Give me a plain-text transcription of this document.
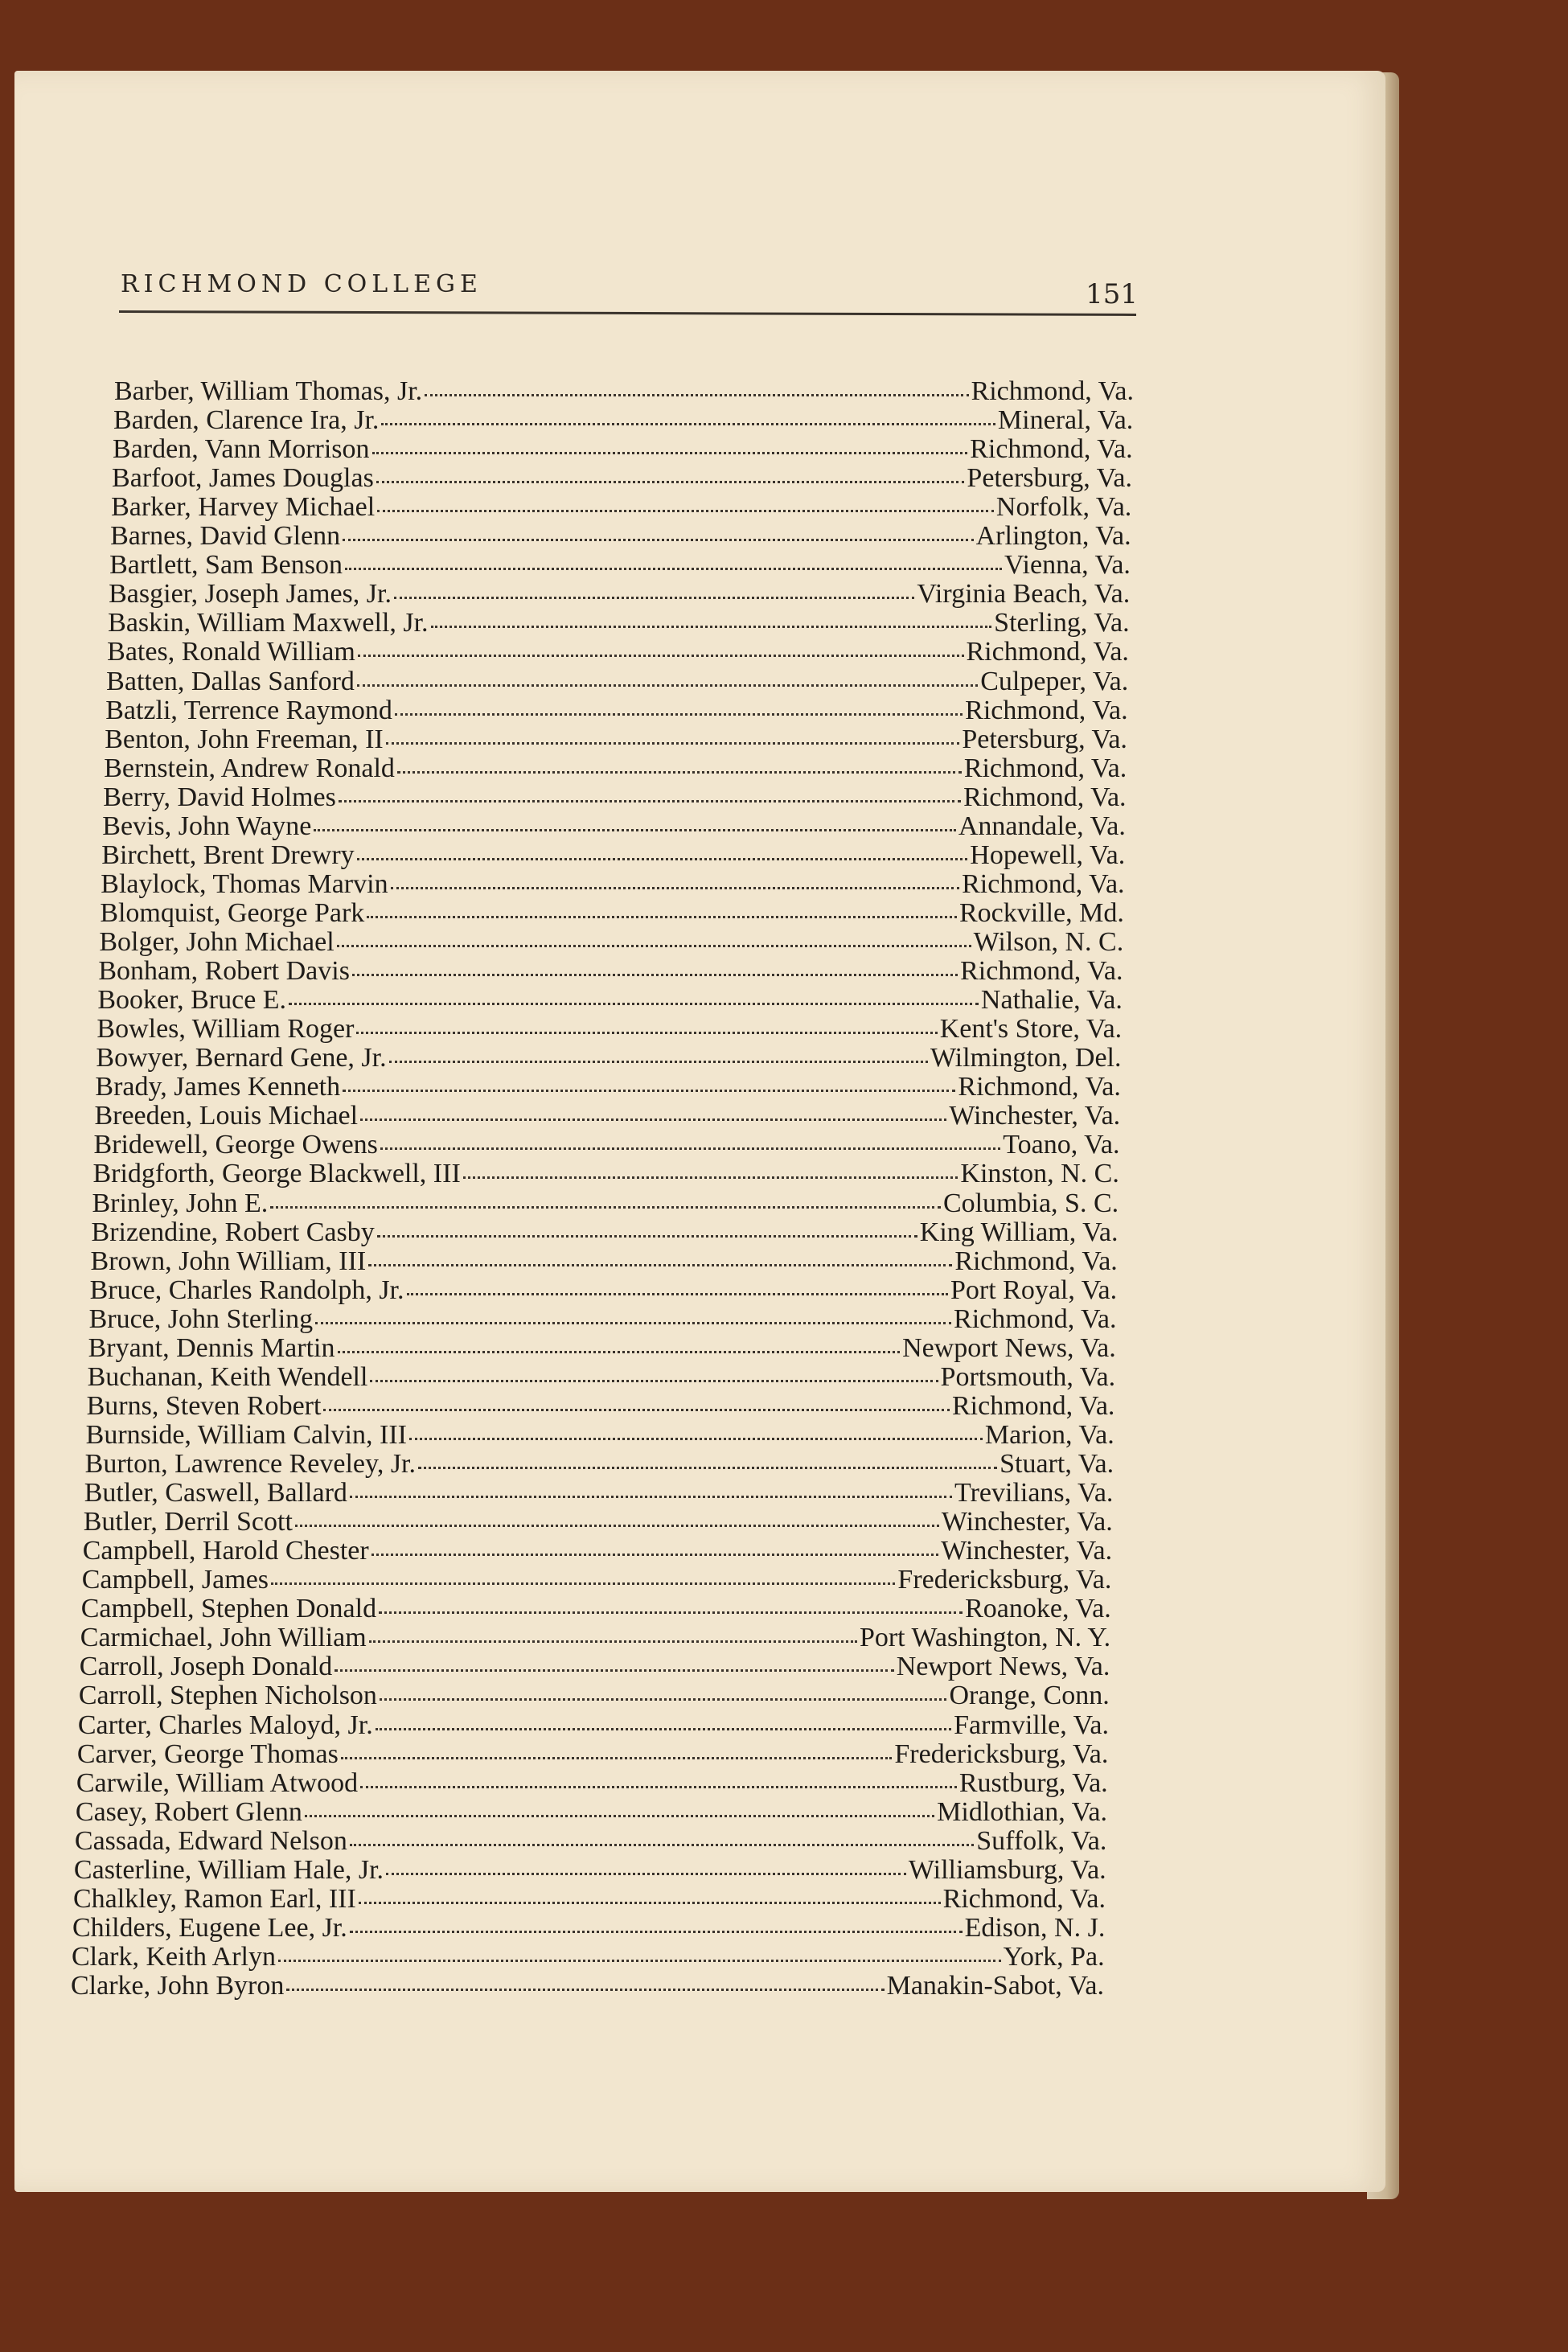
RICHMOND COLLEGE	151
Barber, William Thomas, Jr.	Richmond, Va.
Barden, Clarence Ira, Jr.	Mineral, Va.
Barden, Vann Morrison	Richmond, Va.
Barfoot, James Douglas	Petersburg, Va.
Barker, Harvey Michael	Norfolk, Va.
Barnes, David Glenn	Arlington, Va.
Bartlett, Sam Benson	Vienna, Va.
Basgier, Joseph James, Jr.	Virginia Beach, Va.
Baskin, William Maxwell, Jr.	Sterling, Va.
Bates, Ronald William	Richmond, Va.
Batten, Dallas Sanford	Culpeper, Va.
Batzli, Terrence Raymond	Richmond, Va.
Benton, John Freeman, II	Petersburg, Va.
Bernstein, Andrew Ronald	Richmond, Va.
Berry, David Holmes	Richmond, Va.
Bevis, John Wayne	Annandale, Va.
Birchett, Brent Drewry	Hopewell, Va.
Blaylock, Thomas Marvin	Richmond, Va.
Blomquist, George Park	Rockville, Md.
Bolger, John Michael	Wilson, N. C.
Bonham, Robert Davis	Richmond, Va.
Booker, Bruce E.	Nathalie, Va.
Bowles, William Roger	Kent's Store, Va.
Bowyer, Bernard Gene, Jr.	Wilmington, Del.
Brady, James Kenneth	Richmond, Va.
Breeden, Louis Michael	Winchester, Va.
Bridewell, George Owens	Toano, Va.
Bridgforth, George Blackwell, III	Kinston, N. C.
Brinley, John E.	Columbia, S. C.
Brizendine, Robert Casby	King William, Va.
Brown, John William, III	Richmond, Va.
Bruce, Charles Randolph, Jr.	Port Royal, Va.
Bruce, John Sterling	Richmond, Va.
Bryant, Dennis Martin	Newport News, Va.
Buchanan, Keith Wendell	Portsmouth, Va.
Burns, Steven Robert	Richmond, Va.
Burnside, William Calvin, III	Marion, Va.
Burton, Lawrence Reveley, Jr.	Stuart, Va.
Butler, Caswell, Ballard	Trevilians, Va.
Butler, Derril Scott	Winchester, Va.
Campbell, Harold Chester	Winchester, Va.
Campbell, James	Fredericksburg, Va.
Campbell, Stephen Donald	Roanoke, Va.
Carmichael, John William	Port Washington, N. Y.
Carroll, Joseph Donald	Newport News, Va.
Carroll, Stephen Nicholson	Orange, Conn.
Carter, Charles Maloyd, Jr.	Farmville, Va.
Carver, George Thomas	Fredericksburg, Va.
Carwile, William Atwood	Rustburg, Va.
Casey, Robert Glenn	Midlothian, Va.
Cassada, Edward Nelson	Suffolk, Va.
Casterline, William Hale, Jr.	Williamsburg, Va.
Chalkley, Ramon Earl, III	Richmond, Va.
Childers, Eugene Lee, Jr.	Edison, N. J.
Clark, Keith Arlyn	York, Pa.
Clarke, John Byron	Manakin-Sabot, Va.
